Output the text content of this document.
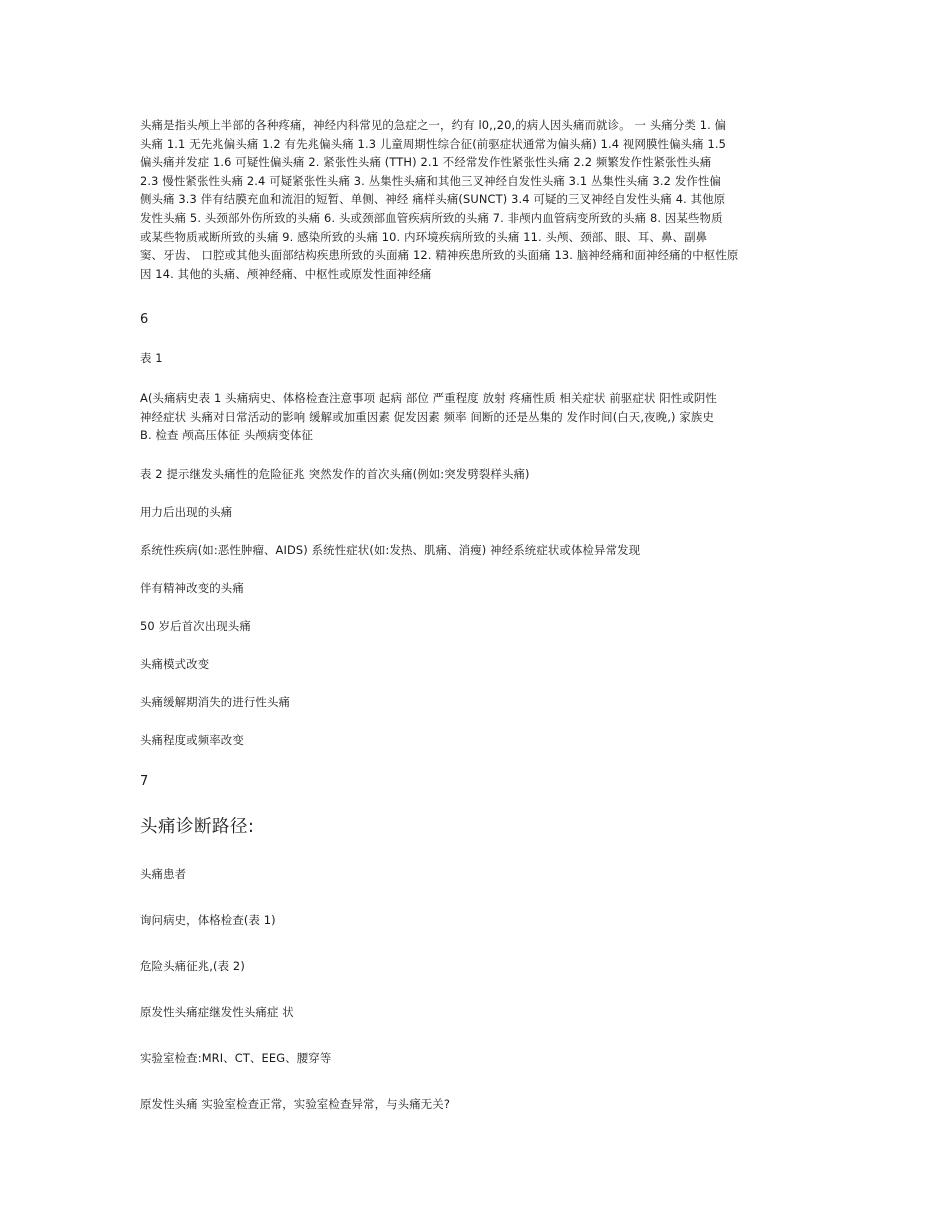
头痛是指头颅上半部的各种疼痛，神经内科常见的急症之一，约有 l0,,20,的病人因头痛而就诊。 一 头痛分类 1. 偏
头痛 1.1 无先兆偏头痛 1.2 有先兆偏头痛 1.3 儿童周期性综合征(前驱症状通常为偏头痛) 1.4 视网膜性偏头痛 1.5
偏头痛并发症 1.6 可疑性偏头痛 2. 紧张性头痛 (TTH) 2.1 不经常发作性紧张性头痛 2.2 频繁发作性紧张性头痛
2.3 慢性紧张性头痛 2.4 可疑紧张性头痛 3. 丛集性头痛和其他三叉神经自发性头痛 3.1 丛集性头痛 3.2 发作性偏
侧头痛 3.3 伴有结膜充血和流泪的短暂、单侧、神经 痛样头痛(SUNCT) 3.4 可疑的三叉神经自发性头痛 4. 其他原
发性头痛 5. 头颈部外伤所致的头痛 6. 头或颈部血管疾病所致的头痛 7. 非颅内血管病变所致的头痛 8. 因某些物质
或某些物质戒断所致的头痛 9. 感染所致的头痛 10. 内环境疾病所致的头痛 11. 头颅、颈部、眼、耳、鼻、副鼻
窦、牙齿、 口腔或其他头面部结构疾患所致的头面痛 12. 精神疾患所致的头面痛 13. 脑神经痛和面神经痛的中枢性原
因 14. 其他的头痛、颅神经痛、中枢性或原发性面神经痛

6

表 1

A(头痛病史表 1 头痛病史、体格检查注意事项 起病 部位 严重程度 放射 疼痛性质 相关症状 前驱症状 阳性或阴性
神经症状 头痛对日常活动的影响 缓解或加重因素 促发因素 频率 间断的还是丛集的 发作时间(白天,夜晚,) 家族史
B. 检查 颅高压体征 头颅病变体征

表 2 提示继发头痛性的危险征兆 突然发作的首次头痛(例如:突发劈裂样头痛)

用力后出现的头痛

系统性疾病(如:恶性肿瘤、AIDS) 系统性症状(如:发热、肌痛、消瘦) 神经系统症状或体检异常发现

伴有精神改变的头痛

50 岁后首次出现头痛

头痛模式改变

头痛缓解期消失的进行性头痛

头痛程度或频率改变

7

头痛诊断路径:

头痛患者

询问病史，体格检查(表 1)

危险头痛征兆,(表 2)

原发性头痛症继发性头痛症 状

实验室检查:MRI、CT、EEG、腰穿等

原发性头痛 实验室检查正常，实验室检查异常，与头痛无关?
